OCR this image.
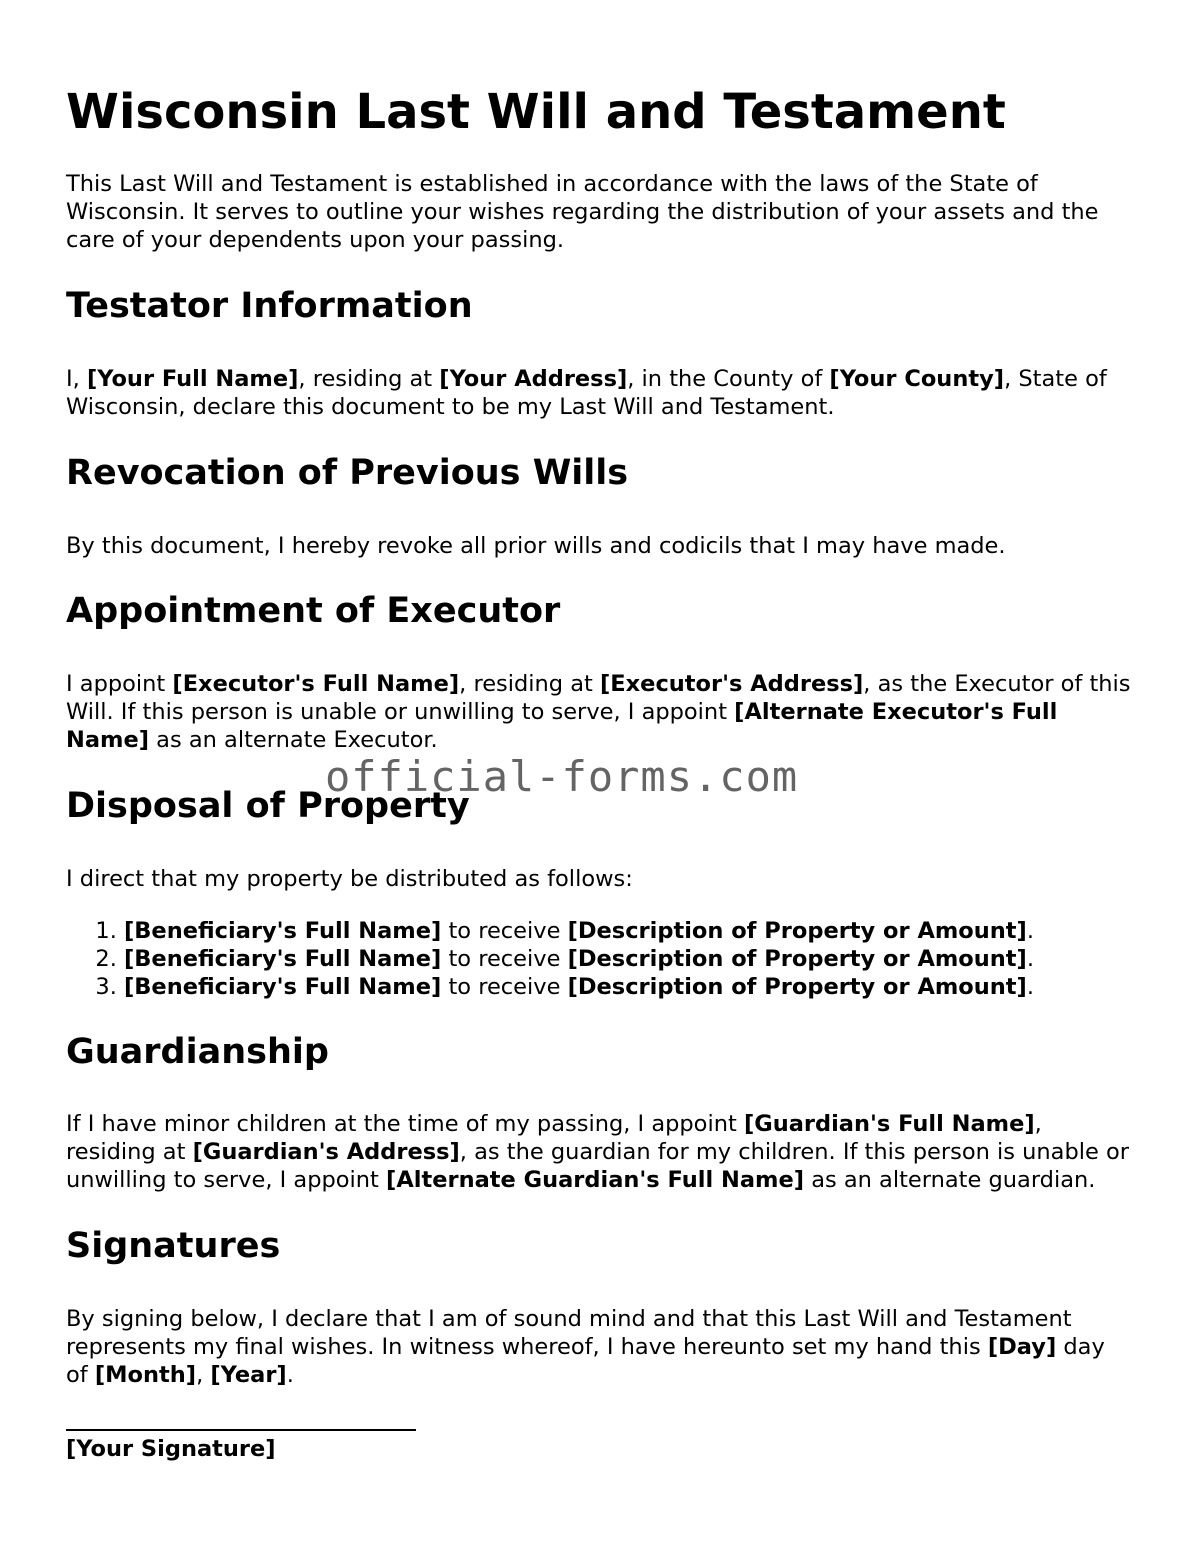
Wisconsin Last Will and Testament

This Last Will and Testament is established in accordance with the laws of the State of Wisconsin. It serves to outline your wishes regarding the distribution of your assets and the care of your dependents upon your passing.

Testator Information

I, [Your Full Name], residing at [Your Address], in the County of [Your County], State of Wisconsin, declare this document to be my Last Will and Testament.

Revocation of Previous Wills

By this document, I hereby revoke all prior wills and codicils that I may have made.

Appointment of Executor

I appoint [Executor's Full Name], residing at [Executor's Address], as the Executor of this Will. If this person is unable or unwilling to serve, I appoint [Alternate Executor's Full Name] as an alternate Executor.

Disposal of Property

I direct that my property be distributed as follows:

1. [Beneficiary's Full Name] to receive [Description of Property or Amount].
2. [Beneficiary's Full Name] to receive [Description of Property or Amount].
3. [Beneficiary's Full Name] to receive [Description of Property or Amount].
Guardianship

If I have minor children at the time of my passing, I appoint [Guardian's Full Name], residing at [Guardian's Address], as the guardian for my children. If this person is unable or unwilling to serve, I appoint [Alternate Guardian's Full Name] as an alternate guardian.

Signatures

By signing below, I declare that I am of sound mind and that this Last Will and Testament represents my final wishes. In witness whereof, I have hereunto set my hand this [Day] day of [Month], [Year].

[Your Signature]
official-forms.com
